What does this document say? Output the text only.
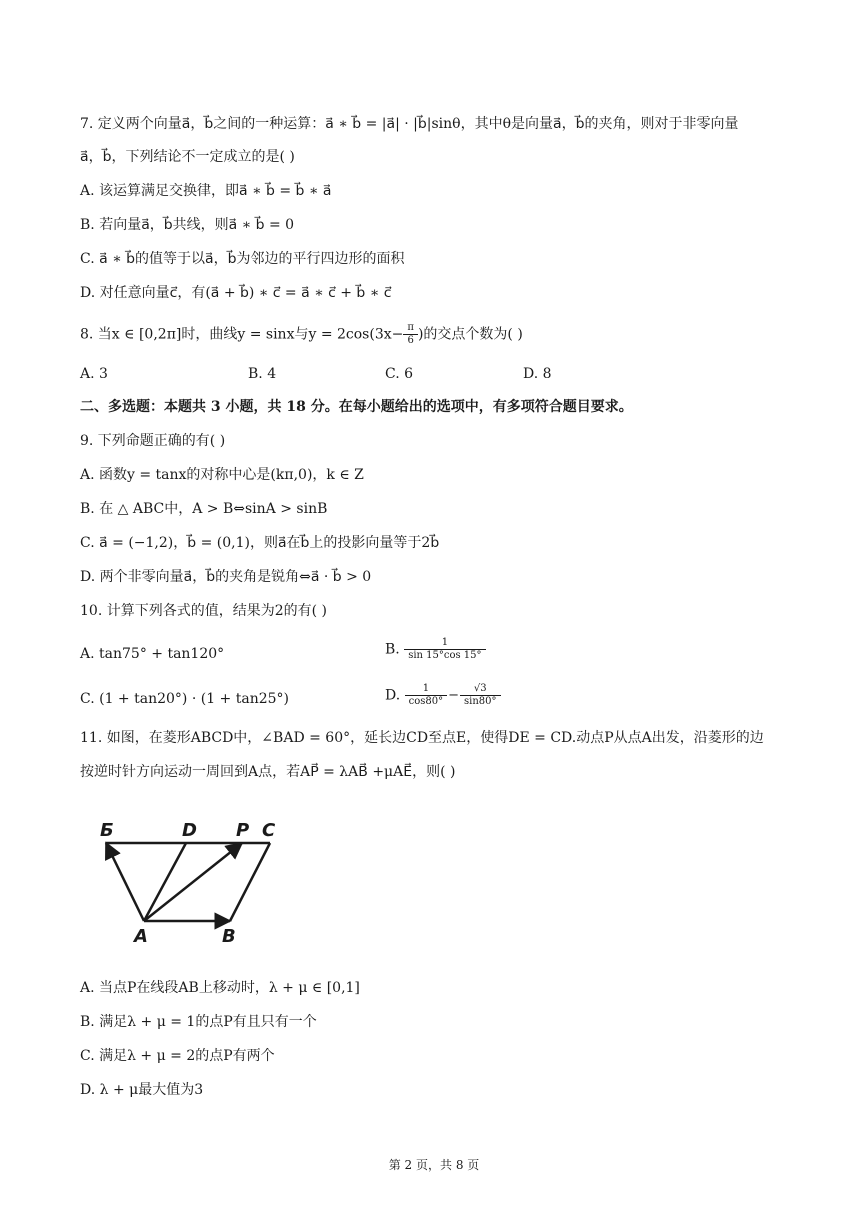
7. 定义两个向量a⃗，b⃗之间的一种运算：a⃗ ∗ b⃗ = |a⃗| · |b⃗|sinθ，其中θ是向量a⃗，b⃗的夹角，则对于非零向量
a⃗，b⃗，下列结论不一定成立的是( )
A. 该运算满足交换律，即a⃗ ∗ b⃗ = b⃗ ∗ a⃗
B. 若向量a⃗，b⃗共线，则a⃗ ∗ b⃗ = 0
C. a⃗ ∗ b⃗的值等于以a⃗，b⃗为邻边的平行四边形的面积
D. 对任意向量c⃗，有(a⃗ + b⃗) ∗ c⃗ = a⃗ ∗ c⃗ + b⃗ ∗ c⃗
8. 当x ∈ [0,2π]时，曲线y = sinx与$y = 2\cos(3x- \frac{\pi}{6}$ )的交点个数为( )
A. 3	B. 4	C. 6	D. 8
二、多选题：本题共 3 小题，共 18 分。在每小题给出的选项中，有多项符合题目要求。
9. 下列命题正确的有( )
A. 函数y = tanx的对称中心是(kπ,0)，k ∈ Z
B. 在 △ ABC中，A > B⇔sinA > sinB
C. a⃗ = (−1,2)，b⃗ = (0,1)，则a⃗在b⃗上的投影向量等于2b⃗
D. 两个非零向量a⃗，b⃗的夹角是锐角⇔a⃗ · b⃗ > 0
10. 计算下列各式的值，结果为2的有( )
A. tan75° + tan120°	B. $\frac{1}{\sin 15^\circ\cos 15^\circ}$
C. (1 + tan20°) · (1 + tan25°)	D. $\frac{1}{\cos 80^\circ} - \frac{√3}{\sin 80^\circ}$
11. 如图，在菱形ABCD中，∠BAD = 60°，延长边CD至点E，使得DE = CD.动点P从点A出发，沿菱形的边
按逆时针方向运动一周回到A点，若AP⃗ = λAB⃗ +μAE⃗，则( )
Б	D P C
A	B
A. 当点P在线段AB上移动时，λ + μ ∈ [0,1]
B. 满足λ + μ = 1的点P有且只有一个
C. 满足λ + μ = 2的点P有两个
D. λ + μ最大值为3
第 2 页，共 8 页
